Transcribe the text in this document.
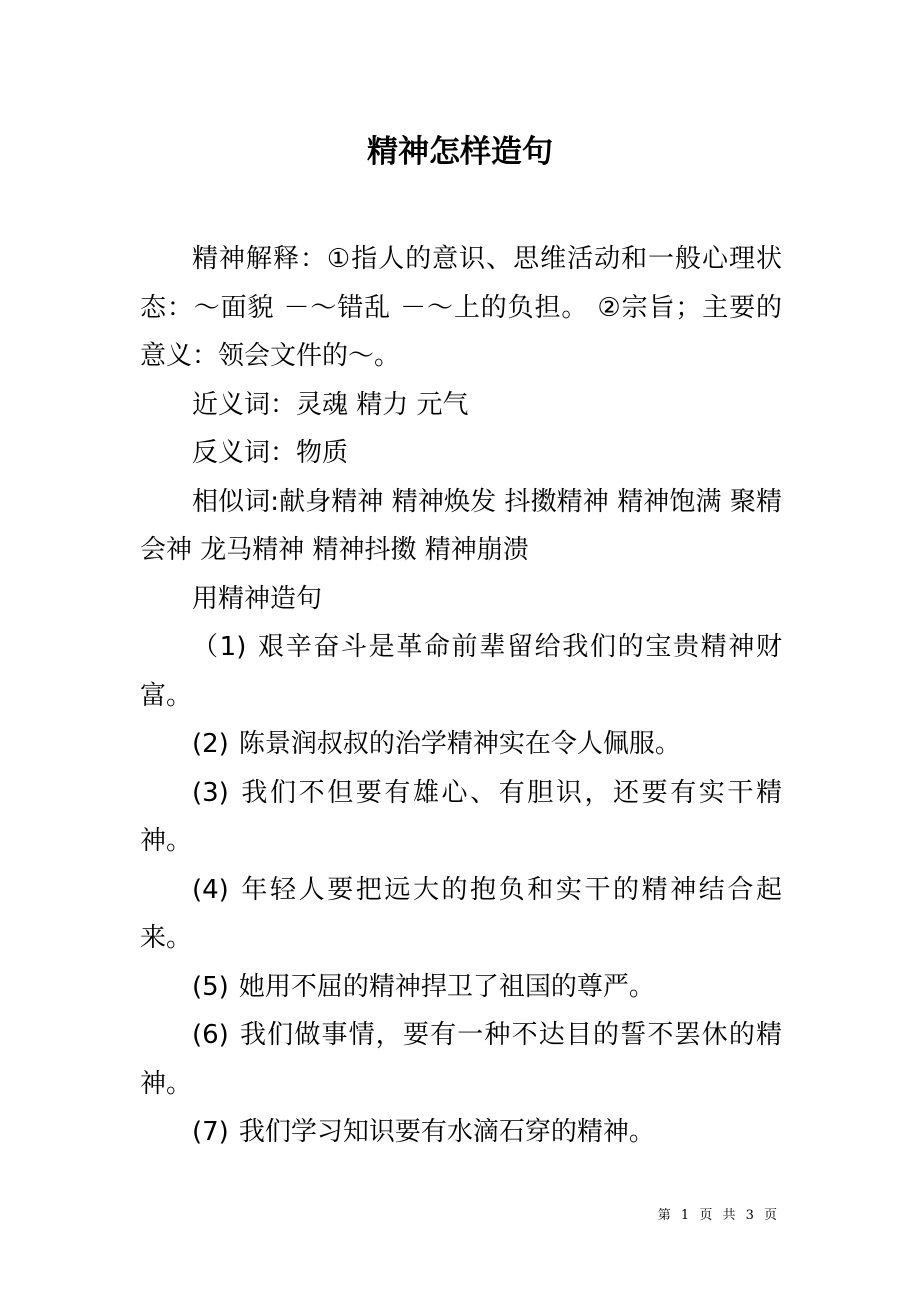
精神怎样造句

精神解释：①指人的意识、思维活动和一般心理状态：～面貌 －～错乱 －～上的负担。 ②宗旨；主要的意义：领会文件的～。

近义词：灵魂 精力 元气

反义词：物质

相似词:献身精神 精神焕发 抖擞精神 精神饱满 聚精会神 龙马精神 精神抖擞 精神崩溃

用精神造句

（1) 艰辛奋斗是革命前辈留给我们的宝贵精神财富。

(2) 陈景润叔叔的治学精神实在令人佩服。

(3) 我们不但要有雄心、有胆识，还要有实干精神。

(4) 年轻人要把远大的抱负和实干的精神结合起来。

(5) 她用不屈的精神捍卫了祖国的尊严。

(6) 我们做事情，要有一种不达目的誓不罢休的精神。

(7) 我们学习知识要有水滴石穿的精神。

第 1 页 共 3 页
